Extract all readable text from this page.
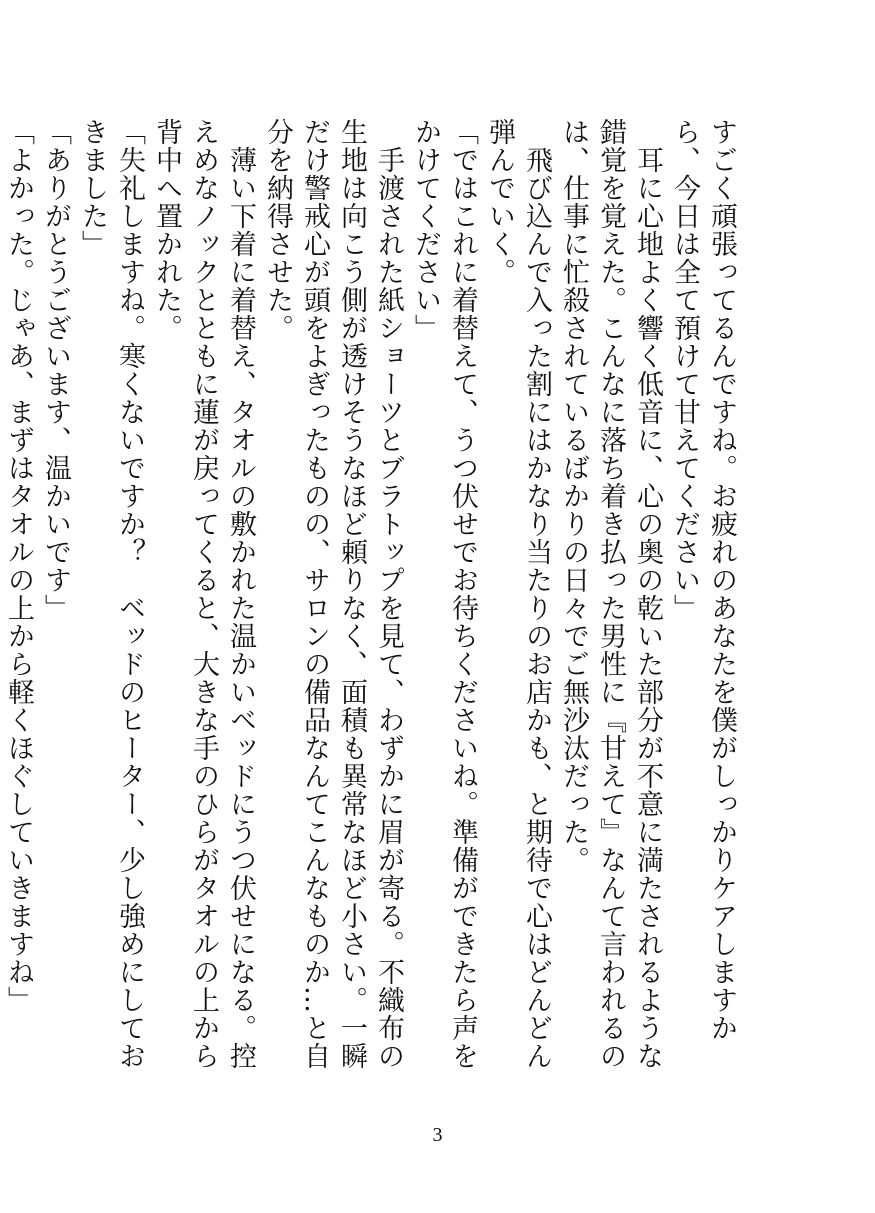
すごく頑張ってるんですね。お疲れのあなたを僕がしっかりケアしますから、今日は全て預けて甘えてください」

　耳に心地よく響く低音に、心の奥の乾いた部分が不意に満たされるような錯覚を覚えた。こんなに落ち着き払った男性に『甘えて』なんて言われるのは、仕事に忙殺されているばかりの日々でご無沙汰だった。

　飛び込んで入った割にはかなり当たりのお店かも、と期待で心はどんどん弾んでいく。

「ではこれに着替えて、うつ伏せでお待ちくださいね。準備ができたら声をかけてください」

　手渡された紙ショーツとブラトップを見て、わずかに眉が寄る。不織布の生地は向こう側が透けそうなほど頼りなく、面積も異常なほど小さい。一瞬だけ警戒心が頭をよぎったものの、サロンの備品なんてこんなものか…と自分を納得させた。

　薄い下着に着替え、タオルの敷かれた温かいベッドにうつ伏せになる。控えめなノックとともに蓮が戻ってくると、大きな手のひらがタオルの上から背中へ置かれた。

「失礼しますね。寒くないですか？　ベッドのヒーター、少し強めにしておきました」

「ありがとうございます、温かいです」

「よかった。じゃあ、まずはタオルの上から軽くほぐしていきますね」

3
